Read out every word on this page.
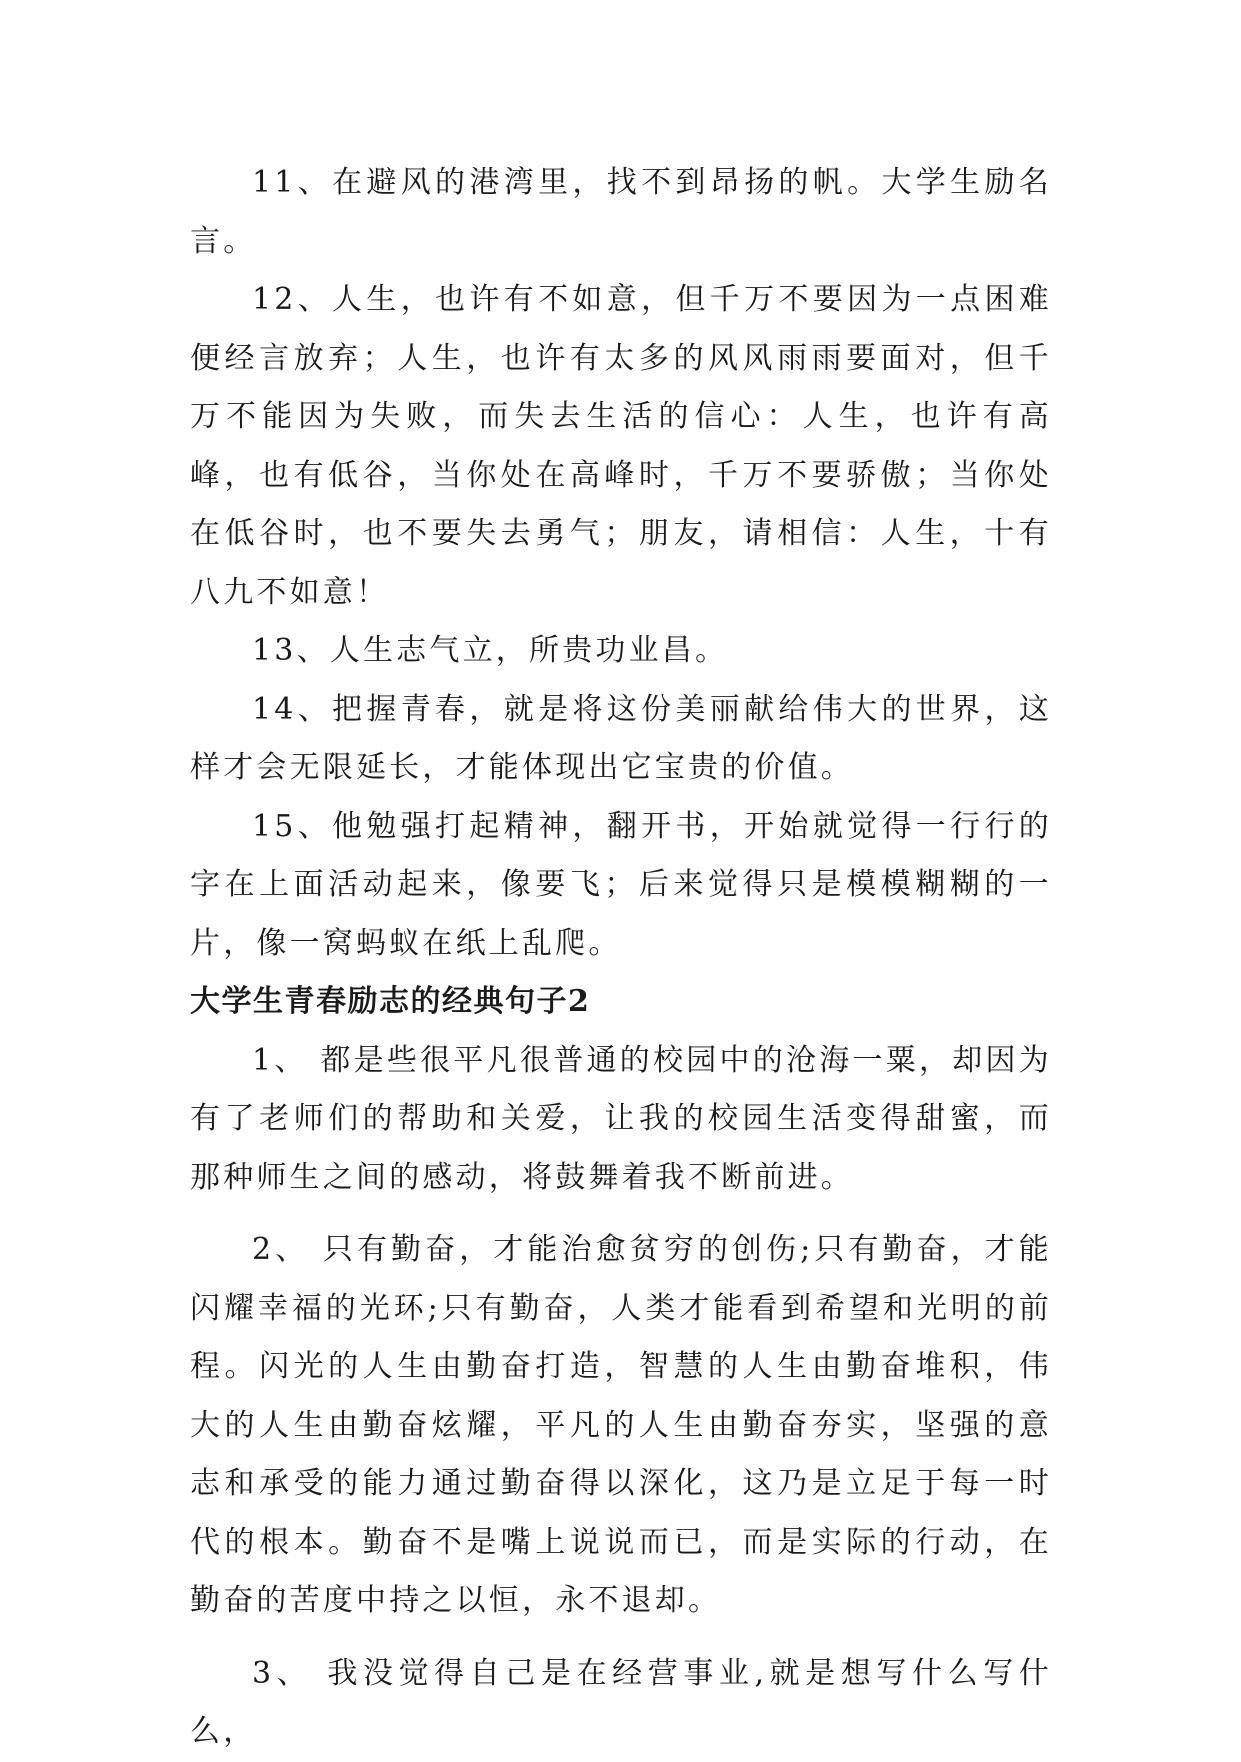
11、在避风的港湾里，找不到昂扬的帆。大学生励名言。

12、人生，也许有不如意，但千万不要因为一点困难便经言放弃；人生，也许有太多的风风雨雨要面对，但千万不能因为失败，而失去生活的信心：人生，也许有高峰，也有低谷，当你处在高峰时，千万不要骄傲；当你处在低谷时，也不要失去勇气；朋友，请相信：人生，十有八九不如意！

13、人生志气立，所贵功业昌。

14、把握青春，就是将这份美丽献给伟大的世界，这样才会无限延长，才能体现出它宝贵的价值。

15、他勉强打起精神，翻开书，开始就觉得一行行的字在上面活动起来，像要飞；后来觉得只是模模糊糊的一片，像一窝蚂蚁在纸上乱爬。

大学生青春励志的经典句子2

1、 都是些很平凡很普通的校园中的沧海一粟，却因为有了老师们的帮助和关爱，让我的校园生活变得甜蜜，而那种师生之间的感动，将鼓舞着我不断前进。

2、 只有勤奋，才能治愈贫穷的创伤;只有勤奋，才能闪耀幸福的光环;只有勤奋，人类才能看到希望和光明的前程。闪光的人生由勤奋打造，智慧的人生由勤奋堆积，伟大的人生由勤奋炫耀，平凡的人生由勤奋夯实，坚强的意志和承受的能力通过勤奋得以深化，这乃是立足于每一时代的根本。勤奋不是嘴上说说而已，而是实际的行动，在勤奋的苦度中持之以恒，永不退却。

3、 我没觉得自己是在经营事业,就是想写什么写什么，
